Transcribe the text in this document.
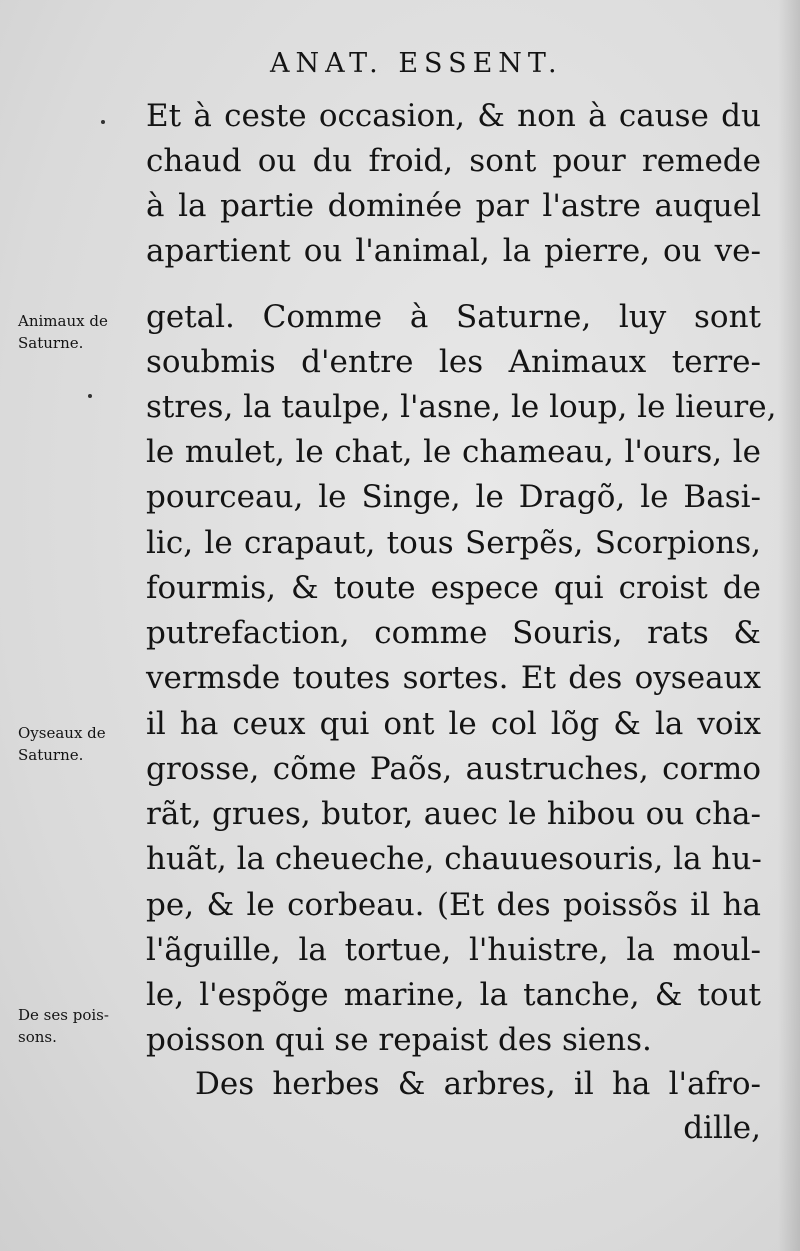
ANAT. ESSENT.
Et à ceste occasion, & non à cause du
chaud ou du froid, sont pour remede
à la partie dominée par l'astre auquel
apartient ou l'animal, la pierre, ou ve-
getal. Comme à Saturne, luy sont
soubmis d'entre les Animaux terre-
stres, la taulpe, l'asne, le loup, le lieure,
le mulet, le chat, le chameau, l'ours, le
pourceau, le Singe, le Dragõ, le Basi-
lic, le crapaut, tous Serpẽs, Scorpions,
fourmis, & toute espece qui croist de
putrefaction, comme Souris, rats &
vermsde toutes sortes. Et des oyseaux
il ha ceux qui ont le col lõg & la voix
grosse, cõme Paõs, austruches, cormo
rãt, grues, butor, auec le hibou ou cha-
huãt, la cheueche, chauuesouris, la hu-
pe, & le corbeau. (Et des poissõs il ha
l'ãguille, la tortue, l'huistre, la moul-
le, l'espõge marine, la tanche, & tout
poisson qui se repaist des siens.
Des herbes & arbres, il ha l'afro-
dille,
Animaux de
Saturne.
Oyseaux de
Saturne.
De ses pois-
sons.
